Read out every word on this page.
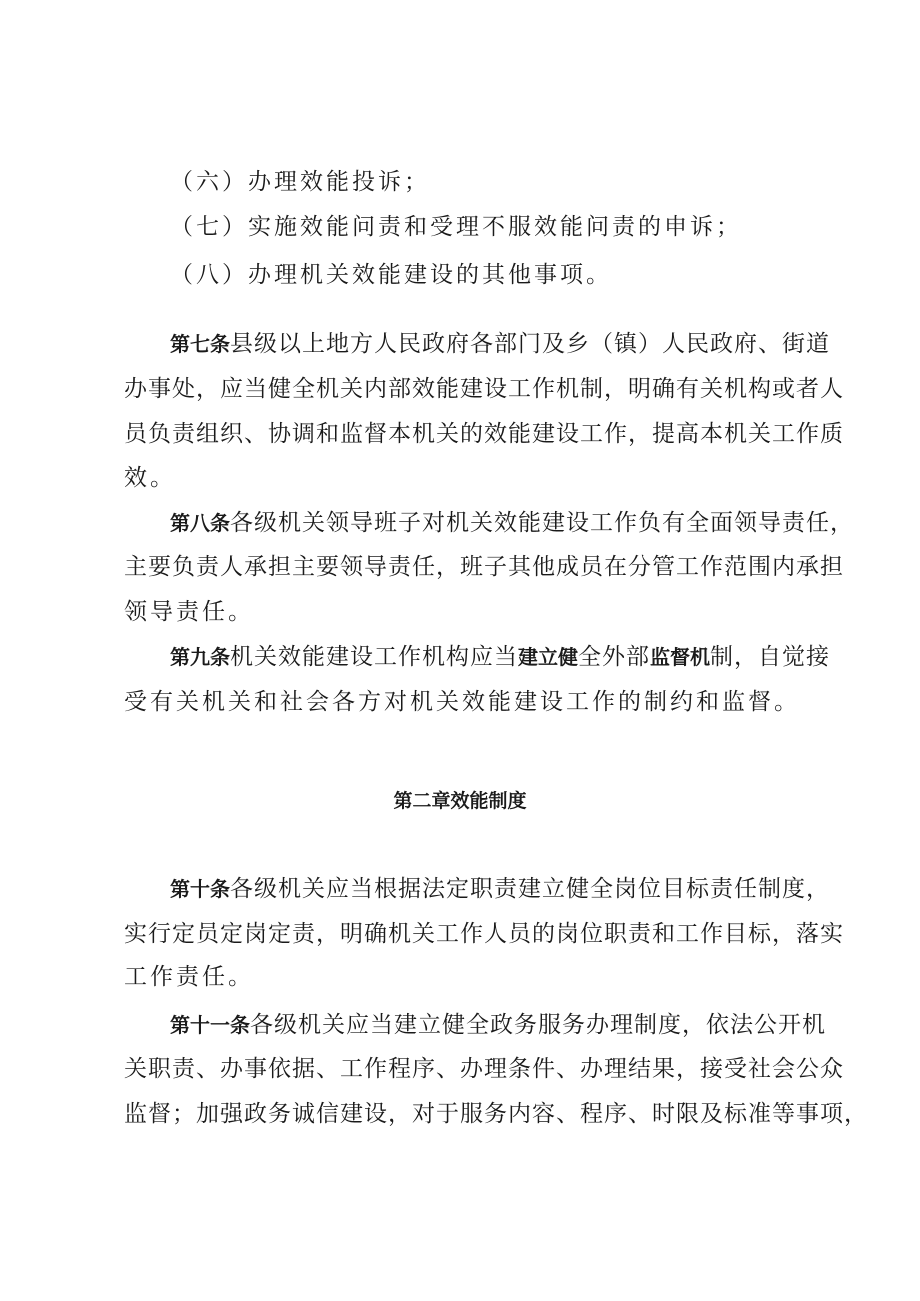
（六）办理效能投诉；
（七）实施效能问责和受理不服效能问责的申诉；
（八）办理机关效能建设的其他事项。
第七条县级以上地方人民政府各部门及乡（镇）人民政府、街道
办事处，应当健全机关内部效能建设工作机制，明确有关机构或者人
员负责组织、协调和监督本机关的效能建设工作，提高本机关工作质
效。
第八条各级机关领导班子对机关效能建设工作负有全面领导责任，
主要负责人承担主要领导责任，班子其他成员在分管工作范围内承担
领导责任。
第九条机关效能建设工作机构应当建立健全外部监督机制，自觉接
受有关机关和社会各方对机关效能建设工作的制约和监督。
第二章效能制度
第十条各级机关应当根据法定职责建立健全岗位目标责任制度，
实行定员定岗定责，明确机关工作人员的岗位职责和工作目标，落实
工作责任。
第十一条各级机关应当建立健全政务服务办理制度，依法公开机
关职责、办事依据、工作程序、办理条件、办理结果，接受社会公众
监督；加强政务诚信建设，对于服务内容、程序、时限及标准等事项，
